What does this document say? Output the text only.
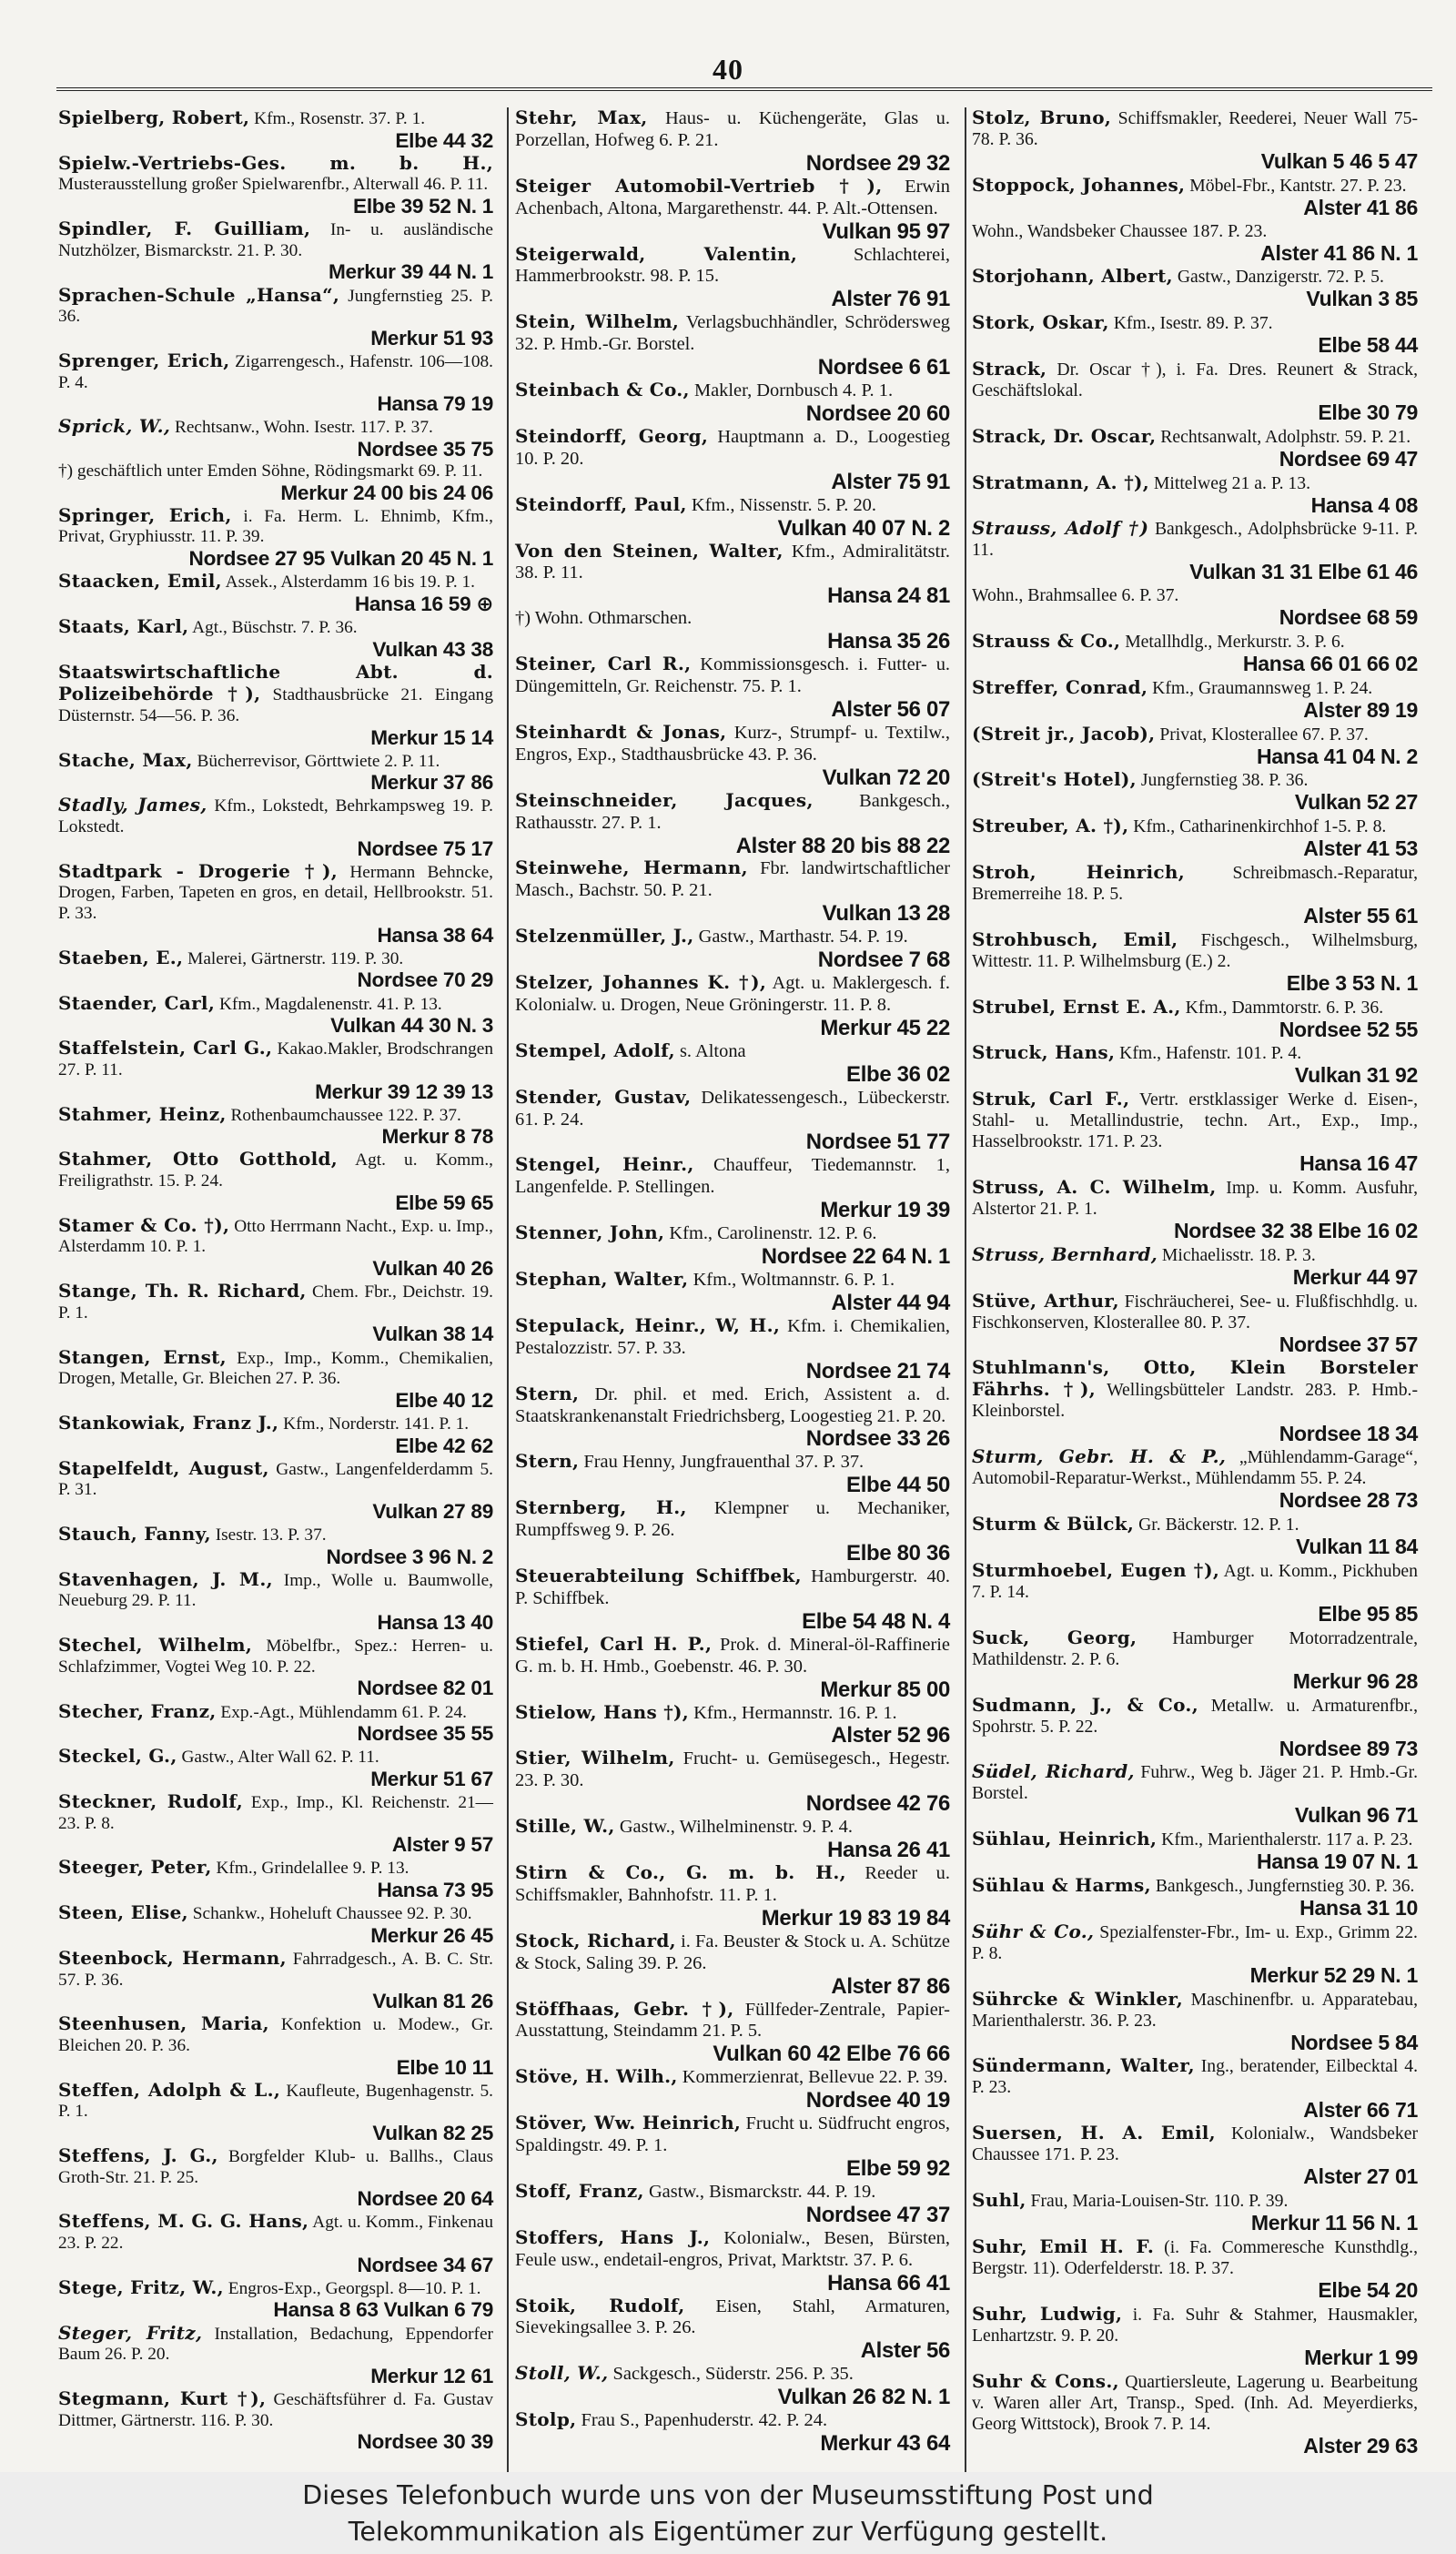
40
Spielberg, Robert, Kfm., Rosenstr. 37. P. 1.
Elbe 44 32
Spielw.-Vertriebs-Ges. m. b. H., Musterausstellung großer Spielwarenfbr., Alterwall 46. P. 11.
Elbe 39 52 N. 1
Spindler, F. Guilliam, In- u. ausländische Nutzhölzer, Bismarckstr. 21. P. 30.
Merkur 39 44 N. 1
Sprachen-Schule „Hansa“, Jungfernstieg 25. P. 36.
Merkur 51 93
Sprenger, Erich, Zigarrengesch., Hafenstr. 106—108. P. 4.
Hansa 79 19
Sprick, W., Rechtsanw., Wohn. Isestr. 117. P. 37.
Nordsee 35 75
†) geschäftlich unter Emden Söhne, Rödingsmarkt 69. P. 11.
Merkur 24 00 bis 24 06
Springer, Erich, i. Fa. Herm. L. Ehnimb, Kfm., Privat, Gryphiusstr. 11. P. 39.
Nordsee 27 95 Vulkan 20 45 N. 1
Staacken, Emil, Assek., Alsterdamm 16 bis 19. P. 1.
Hansa 16 59 ⊕
Staats, Karl, Agt., Büschstr. 7. P. 36.
Vulkan 43 38
Staatswirtschaftliche Abt. d. Polizeibehörde †), Stadthausbrücke 21. Eingang Düsternstr. 54—56. P. 36.
Merkur 15 14
Stache, Max, Bücherrevisor, Görttwiete 2. P. 11.
Merkur 37 86
Stadly, James, Kfm., Lokstedt, Behrkampsweg 19. P. Lokstedt.
Nordsee 75 17
Stadtpark - Drogerie †), Hermann Behncke, Drogen, Farben, Tapeten en gros, en detail, Hellbrookstr. 51. P. 33.
Hansa 38 64
Staeben, E., Malerei, Gärtnerstr. 119. P. 30.
Nordsee 70 29
Staender, Carl, Kfm., Magdalenenstr. 41. P. 13.
Vulkan 44 30 N. 3
Staffelstein, Carl G., Kakao.Makler, Brodschrangen 27. P. 11.
Merkur 39 12 39 13
Stahmer, Heinz, Rothenbaumchaussee 122. P. 37.
Merkur 8 78
Stahmer, Otto Gotthold, Agt. u. Komm., Freiligrathstr. 15. P. 24.
Elbe 59 65
Stamer & Co. †), Otto Herrmann Nacht., Exp. u. Imp., Alsterdamm 10. P. 1.
Vulkan 40 26
Stange, Th. R. Richard, Chem. Fbr., Deichstr. 19. P. 1.
Vulkan 38 14
Stangen, Ernst, Exp., Imp., Komm., Chemikalien, Drogen, Metalle, Gr. Bleichen 27. P. 36.
Elbe 40 12
Stankowiak, Franz J., Kfm., Norderstr. 141. P. 1.
Elbe 42 62
Stapelfeldt, August, Gastw., Langenfelderdamm 5. P. 31.
Vulkan 27 89
Stauch, Fanny, Isestr. 13. P. 37.
Nordsee 3 96 N. 2
Stavenhagen, J. M., Imp., Wolle u. Baumwolle, Neueburg 29. P. 11.
Hansa 13 40
Stechel, Wilhelm, Möbelfbr., Spez.: Herren- u. Schlafzimmer, Vogtei Weg 10. P. 22.
Nordsee 82 01
Stecher, Franz, Exp.-Agt., Mühlendamm 61. P. 24.
Nordsee 35 55
Steckel, G., Gastw., Alter Wall 62. P. 11.
Merkur 51 67
Steckner, Rudolf, Exp., Imp., Kl. Reichenstr. 21—23. P. 8.
Alster 9 57
Steeger, Peter, Kfm., Grindelallee 9. P. 13.
Hansa 73 95
Steen, Elise, Schankw., Hoheluft Chaussee 92. P. 30.
Merkur 26 45
Steenbock, Hermann, Fahrradgesch., A. B. C. Str. 57. P. 36.
Vulkan 81 26
Steenhusen, Maria, Konfektion u. Modew., Gr. Bleichen 20. P. 36.
Elbe 10 11
Steffen, Adolph & L., Kaufleute, Bugenhagenstr. 5. P. 1.
Vulkan 82 25
Steffens, J. G., Borgfelder Klub- u. Ballhs., Claus Groth-Str. 21. P. 25.
Nordsee 20 64
Steffens, M. G. G. Hans, Agt. u. Komm., Finkenau 23. P. 22.
Nordsee 34 67
Stege, Fritz, W., Engros-Exp., Georgspl. 8—10. P. 1.
Hansa 8 63 Vulkan 6 79
Steger, Fritz, Installation, Bedachung, Eppendorfer Baum 26. P. 20.
Merkur 12 61
Stegmann, Kurt †), Geschäftsführer d. Fa. Gustav Dittmer, Gärtnerstr. 116. P. 30.
Nordsee 30 39
Stehr, Max, Haus- u. Küchengeräte, Glas u. Porzellan, Hofweg 6. P. 21.
Nordsee 29 32
Steiger Automobil-Vertrieb †), Erwin Achenbach, Altona, Margarethenstr. 44. P. Alt.-Ottensen.
Vulkan 95 97
Steigerwald, Valentin,	Schlachterei, Hammerbrookstr. 98. P. 15.
Alster 76 91
Stein, Wilhelm, Verlagsbuchhändler, Schrödersweg 32. P. Hmb.-Gr. Borstel.
Nordsee 6 61
Steinbach & Co., Makler, Dornbusch 4. P. 1.
Nordsee 20 60
Steindorff, Georg, Hauptmann a. D., Loogestieg 10. P. 20.
Alster 75 91
Steindorff, Paul, Kfm., Nissenstr. 5. P. 20.
Vulkan 40 07 N. 2
Von den Steinen, Walter, Kfm., Admiralitätstr. 38. P. 11.
Hansa 24 81
†) Wohn. Othmarschen.
Hansa 35 26
Steiner, Carl R., Kommissionsgesch. i. Futter- u. Düngemitteln, Gr. Reichenstr. 75. P. 1.
Alster 56 07
Steinhardt & Jonas, Kurz-, Strumpf- u. Textilw., Engros, Exp., Stadthausbrücke 43. P. 36.
Vulkan 72 20
Steinschneider, Jacques, Bankgesch., Rathausstr. 27. P. 1.
Alster 88 20 bis 88 22
Steinwehe, Hermann, Fbr. landwirtschaftlicher Masch., Bachstr. 50. P. 21.
Vulkan 13 28
Stelzenmüller, J., Gastw., Marthastr. 54. P. 19.
Nordsee 7 68
Stelzer, Johannes K. †), Agt. u. Maklergesch. f. Kolonialw. u. Drogen, Neue Gröningerstr. 11. P. 8.
Merkur 45 22
Stempel, Adolf, s. Altona
Elbe 36 02
Stender, Gustav, Delikatessengesch., Lübeckerstr. 61. P. 24.
Nordsee 51 77
Stengel, Heinr., Chauffeur, Tiedemannstr. 1, Langenfelde. P. Stellingen.
Merkur 19 39
Stenner, John, Kfm., Carolinenstr. 12. P. 6.
Nordsee 22 64 N. 1
Stephan, Walter, Kfm., Woltmannstr. 6. P. 1.
Alster 44 94
Stepulack, Heinr., W, H., Kfm. i. Chemikalien, Pestalozzistr. 57. P. 33.
Nordsee 21 74
Stern, Dr. phil. et med. Erich, Assistent a. d. Staatskrankenanstalt Friedrichsberg, Loogestieg 21. P. 20.
Nordsee 33 26
Stern, Frau Henny, Jungfrauenthal 37. P. 37.
Elbe 44 50
Sternberg, H., Klempner u. Mechaniker, Rumpffsweg 9. P. 26.
Elbe 80 36
Steuerabteilung Schiffbek, Hamburgerstr. 40. P. Schiffbek.
Elbe 54 48 N. 4
Stiefel, Carl H. P., Prok. d. Mineral-öl-Raffinerie G. m. b. H. Hmb., Goebenstr. 46. P. 30.
Merkur 85 00
Stielow, Hans †), Kfm., Hermannstr. 16. P. 1.
Alster 52 96
Stier, Wilhelm, Frucht- u. Gemüsegesch., Hegestr. 23. P. 30.
Nordsee 42 76
Stille, W., Gastw., Wilhelminenstr. 9. P. 4.
Hansa 26 41
Stirn & Co., G. m. b. H., Reeder u. Schiffsmakler, Bahnhofstr. 11. P. 1.
Merkur 19 83 19 84
Stock, Richard, i. Fa. Beuster & Stock u. A. Schütze & Stock, Saling 39. P. 26.
Alster 87 86
Stöffhaas, Gebr. †), Füllfeder-Zentrale, Papier-Ausstattung, Steindamm 21. P. 5.
Vulkan 60 42 Elbe 76 66
Stöve, H. Wilh., Kommerzienrat, Bellevue 22. P. 39.
Nordsee 40 19
Stöver, Ww. Heinrich, Frucht u. Südfrucht engros, Spaldingstr. 49. P. 1.
Elbe 59 92
Stoff, Franz, Gastw., Bismarckstr. 44. P. 19.
Nordsee 47 37
Stoffers, Hans J., Kolonialw., Besen, Bürsten, Feule usw., endetail-engros, Privat, Marktstr. 37. P. 6.
Hansa 66 41
Stoik, Rudolf, Eisen, Stahl, Armaturen, Sievekingsallee 3. P. 26.
Alster 56
Stoll, W., Sackgesch., Süderstr. 256. P. 35.
Vulkan 26 82 N. 1
Stolp, Frau S., Papenhuderstr. 42. P. 24.
Merkur 43 64
Stolz, Bruno, Schiffsmakler, Reederei, Neuer Wall 75-78. P. 36.
Vulkan 5 46 5 47
Stoppock, Johannes, Möbel-Fbr., Kantstr. 27. P. 23.
Alster 41 86
Wohn., Wandsbeker Chaussee 187. P. 23.
Alster 41 86 N. 1
Storjohann, Albert, Gastw., Danzigerstr. 72. P. 5.
Vulkan 3 85
Stork, Oskar, Kfm., Isestr. 89. P. 37.
Elbe 58 44
Strack, Dr. Oscar †), i. Fa. Dres. Reunert & Strack, Geschäftslokal.
Elbe 30 79
Strack, Dr. Oscar, Rechtsanwalt, Adolphstr. 59. P. 21.
Nordsee 69 47
Stratmann, A. †), Mittelweg 21 a. P. 13.
Hansa 4 08
Strauss, Adolf †) Bankgesch., Adolphsbrücke 9-11. P. 11.
Vulkan 31 31 Elbe 61 46
Wohn., Brahmsallee 6. P. 37.
Nordsee 68 59
Strauss & Co., Metallhdlg., Merkurstr. 3. P. 6.
Hansa 66 01 66 02
Streffer, Conrad, Kfm., Graumannsweg 1. P. 24.
Alster 89 19
(Streit jr., Jacob), Privat, Klosterallee 67. P. 37.
Hansa 41 04 N. 2
(Streit's Hotel), Jungfernstieg 38. P. 36.
Vulkan 52 27
Streuber, A. †), Kfm., Catharinenkirchhof 1-5. P. 8.
Alster 41 53
Stroh, Heinrich,	Schreibmasch.-Reparatur, Bremerreihe 18. P. 5.
Alster 55 61
Strohbusch, Emil, Fischgesch., Wilhelmsburg, Wittestr. 11. P. Wilhelmsburg (E.) 2.
Elbe 3 53 N. 1
Strubel, Ernst E. A., Kfm., Dammtorstr. 6. P. 36.
Nordsee 52 55
Struck, Hans, Kfm., Hafenstr. 101. P. 4.
Vulkan 31 92
Struk, Carl F., Vertr. erstklassiger Werke d. Eisen-, Stahl- u. Metallindustrie, techn. Art., Exp., Imp., Hasselbrookstr. 171. P. 23.
Hansa 16 47
Struss, A. C. Wilhelm, Imp. u. Komm. Ausfuhr, Alstertor 21. P. 1.
Nordsee 32 38 Elbe 16 02
Struss, Bernhard, Michaelisstr. 18. P. 3.
Merkur 44 97
Stüve, Arthur, Fischräucherei, See- u. Flußfischhdlg. u. Fischkonserven, Klosterallee 80. P. 37.
Nordsee 37 57
Stuhlmann's, Otto, Klein Borsteler Fährhs. †), Wellingsbütteler Landstr. 283. P. Hmb.-Kleinborstel.
Nordsee 18 34
Sturm, Gebr. H. & P., „Mühlendamm-Garage“, Automobil-Reparatur-Werkst., Mühlendamm 55. P. 24.
Nordsee 28 73
Sturm & Bülck, Gr. Bäckerstr. 12. P. 1.
Vulkan 11 84
Sturmhoebel, Eugen †), Agt. u. Komm., Pickhuben 7. P. 14.
Elbe 95 85
Suck, Georg, Hamburger Motorradzentrale, Mathildenstr. 2. P. 6.
Merkur 96 28
Sudmann, J., & Co., Metallw. u. Armaturenfbr., Spohrstr. 5. P. 22.
Nordsee 89 73
Südel, Richard, Fuhrw., Weg b. Jäger 21. P. Hmb.-Gr. Borstel.
Vulkan 96 71
Sühlau, Heinrich, Kfm., Marienthalerstr. 117 a. P. 23.
Hansa 19 07 N. 1
Sühlau & Harms, Bankgesch., Jungfernstieg 30. P. 36.
Hansa 31 10
Sühr & Co., Spezialfenster-Fbr., Im- u. Exp., Grimm 22. P. 8.
Merkur 52 29 N. 1
Sührcke & Winkler, Maschinenfbr. u. Apparatebau, Marienthalerstr. 36. P. 23.
Nordsee 5 84
Sündermann, Walter, Ing., beratender, Eilbecktal 4. P. 23.
Alster 66 71
Suersen, H. A. Emil, Kolonialw., Wandsbeker Chaussee 171. P. 23.
Alster 27 01
Suhl, Frau, Maria-Louisen-Str. 110. P. 39.
Merkur 11 56 N. 1
Suhr, Emil H. F. (i. Fa. Commeresche Kunsthdlg., Bergstr. 11). Oderfelderstr. 18. P. 37.
Elbe 54 20
Suhr, Ludwig, i. Fa. Suhr & Stahmer, Hausmakler, Lenhartzstr. 9. P. 20.
Merkur 1 99
Suhr & Cons., Quartiersleute, Lagerung u. Bearbeitung v. Waren aller Art, Transp., Sped. (Inh. Ad. Meyerdierks, Georg Wittstock), Brook 7. P. 14.
Alster 29 63
Dieses Telefonbuch wurde uns von der Museumsstiftung Post und
Telekommunikation als Eigentümer zur Verfügung gestellt.
